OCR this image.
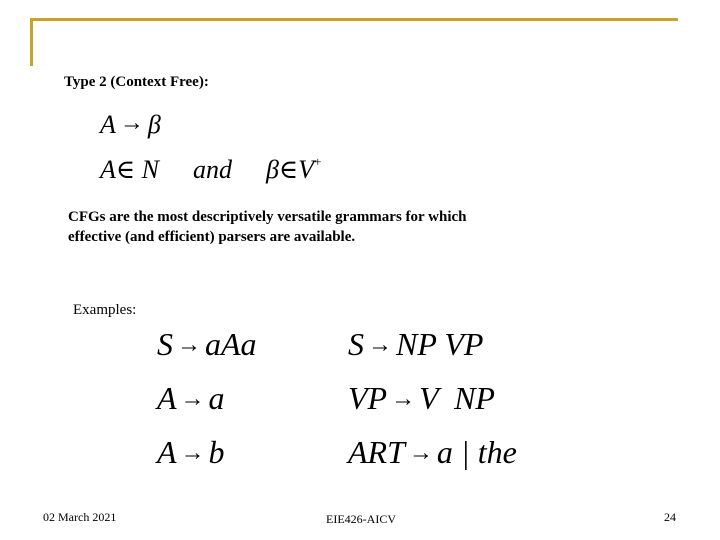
Type 2 (Context Free):
A → β
A∈ N and β∈V+
CFGs are the most descriptively versatile grammars for which
effective (and efficient) parsers are available.
Examples:
S → aAa
A → a
A → b
S → NP VP
VP → V  NP
ART → a | the
02 March 2021	EIE426-AICV	24
